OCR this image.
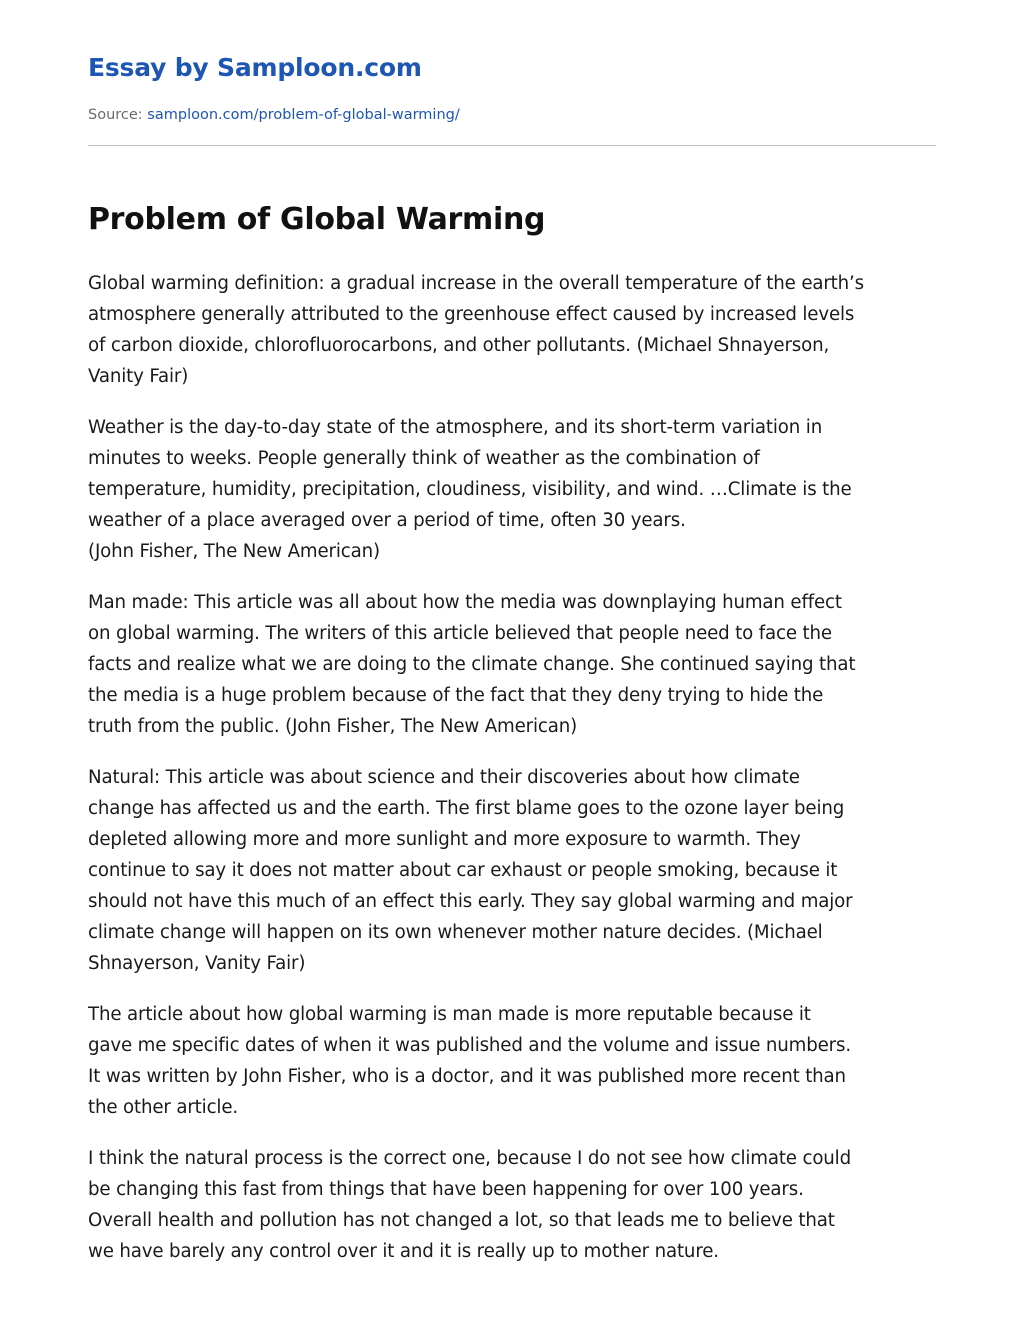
Essay by Samploon.com
Source: samploon.com/problem-of-global-warming/
Problem of Global Warming

Global warming definition: a gradual increase in the overall temperature of the earth’s
atmosphere generally attributed to the greenhouse effect caused by increased levels
of carbon dioxide, chlorofluorocarbons, and other pollutants. (Michael Shnayerson,
Vanity Fair)

Weather is the day-to-day state of the atmosphere, and its short-term variation in
minutes to weeks. People generally think of weather as the combination of
temperature, humidity, precipitation, cloudiness, visibility, and wind. …Climate is the
weather of a place averaged over a period of time, often 30 years.
(John Fisher, The New American)

Man made: This article was all about how the media was downplaying human effect
on global warming. The writers of this article believed that people need to face the
facts and realize what we are doing to the climate change. She continued saying that
the media is a huge problem because of the fact that they deny trying to hide the
truth from the public. (John Fisher, The New American)

Natural: This article was about science and their discoveries about how climate
change has affected us and the earth. The first blame goes to the ozone layer being
depleted allowing more and more sunlight and more exposure to warmth. They
continue to say it does not matter about car exhaust or people smoking, because it
should not have this much of an effect this early. They say global warming and major
climate change will happen on its own whenever mother nature decides. (Michael
Shnayerson, Vanity Fair)

The article about how global warming is man made is more reputable because it
gave me specific dates of when it was published and the volume and issue numbers.
It was written by John Fisher, who is a doctor, and it was published more recent than
the other article.

I think the natural process is the correct one, because I do not see how climate could
be changing this fast from things that have been happening for over 100 years.
Overall health and pollution has not changed a lot, so that leads me to believe that
we have barely any control over it and it is really up to mother nature.
